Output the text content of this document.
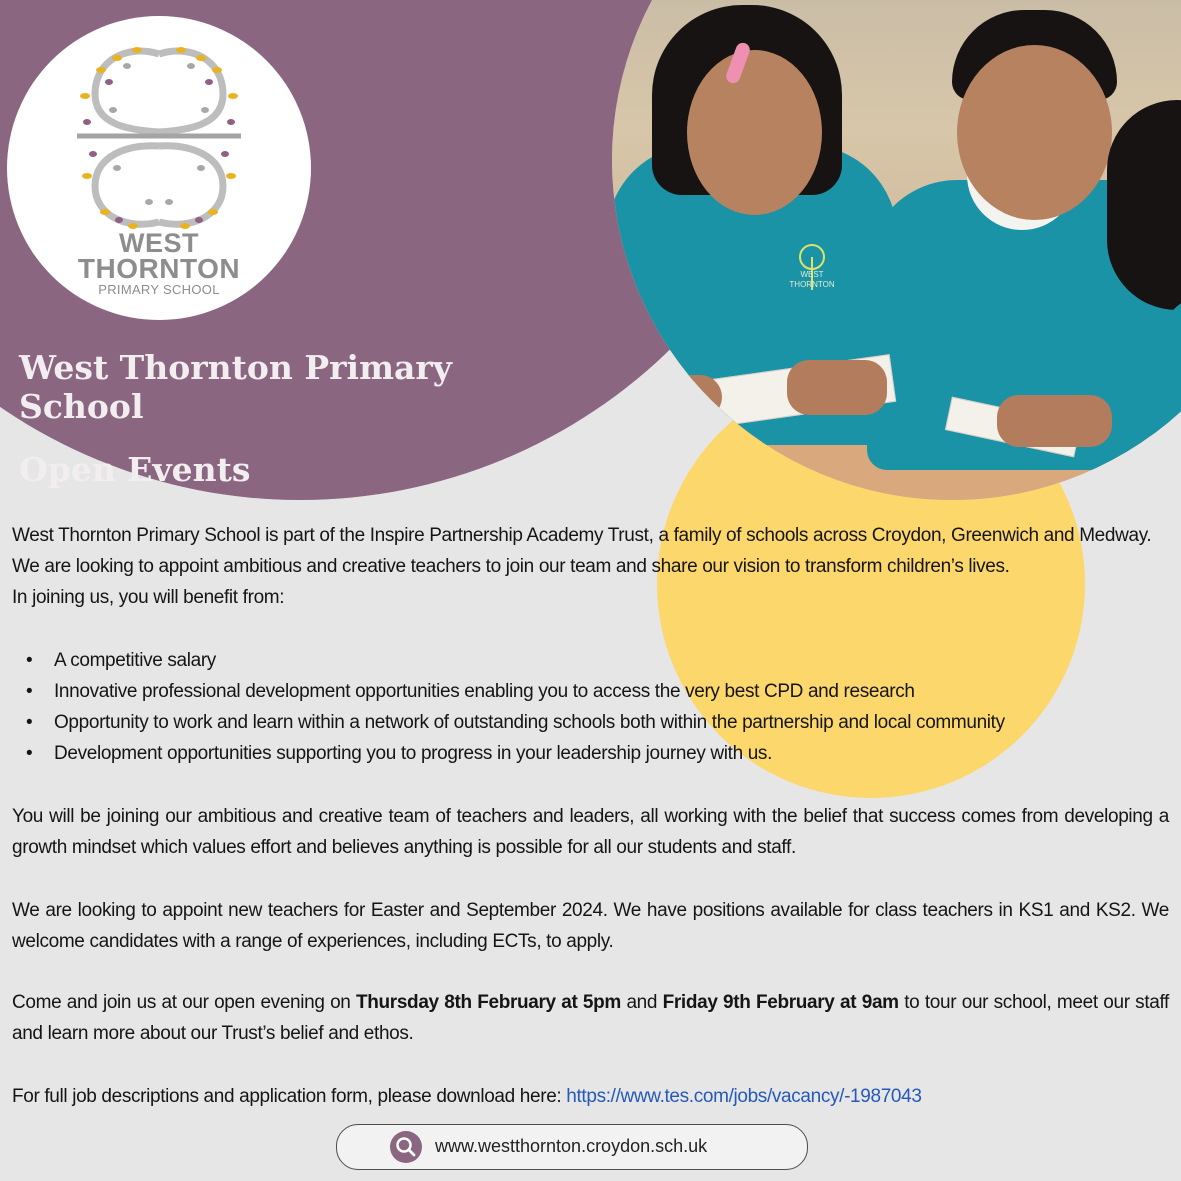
WEST
THORNTON
WEST
THORNTON
PRIMARY SCHOOL
West Thornton Primary
School
Open Events
West Thornton Primary School is part of the Inspire Partnership Academy Trust, a family of schools across Croydon, Greenwich and Medway.
We are looking to appoint ambitious and creative teachers to join our team and share our vision to transform children’s lives.
In joining us, you will benefit from:
• A competitive salary
• Innovative professional development opportunities enabling you to access the very best CPD and research
• Opportunity to work and learn within a network of outstanding schools both within the partnership and local community
• Development opportunities supporting you to progress in your leadership journey with us.
You will be joining our ambitious and creative team of teachers and leaders, all working with the belief that success comes from developing a growth mindset which values effort and believes anything is possible for all our students and staff.
We are looking to appoint new teachers for Easter and September 2024. We have positions available for class teachers in KS1 and KS2. We welcome candidates with a range of experiences, including ECTs, to apply.
Come and join us at our open evening on Thursday 8th February at 5pm and Friday 9th February at 9am to tour our school, meet our staff and learn more about our Trust’s belief and ethos.
For full job descriptions and application form, please download here: https://www.tes.com/jobs/vacancy/-1987043
www.westthornton.croydon.sch.uk
